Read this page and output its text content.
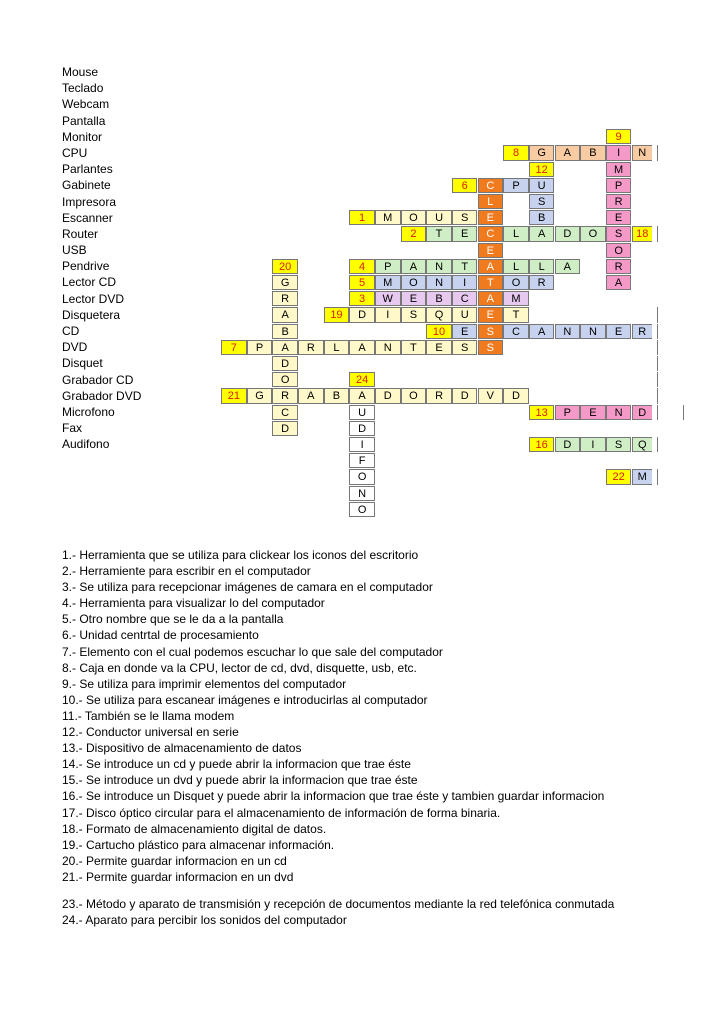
Mouse
Teclado
Webcam
Pantalla
Monitor
CPU
Parlantes
Gabinete
Impresora
Escanner
Router
USB
Pendrive
Lector CD
Lector DVD
Disquetera
CD
DVD
Disquet
Grabador CD
Grabador DVD
Microfono
Fax
Audifono
G
R
A
B
A
D
O
R
C
D
20
A
U
D
I
F
O
N
O
24
M	O	U	S	E
1
T	E	C	L	A	D	O
2
P	A	N	T	A	L	L	A
4
M	O	N	I	T	O	R
5
W	E	B	C	A	M
3
D	I	S	Q	U	E	T
19
E	S	C	A	N	N	E	R
10
P	R	L	A	N	T	E	S
7
G	A	B	D	O	R	D	V	D
21
C	P	U
6
G	A	B	I	N
8
S
B
12	M
P
R
E
S
O
R
A
9
18
P	E	N	D
13
D	I	S	Q
16
M
22
L
E
S
1.- Herramienta que se utiliza para clickear los iconos del escritorio
2.- Herramiente para escribir en el computador
3.- Se utiliza para recepcionar imágenes de camara en el computador
4.- Herramienta para visualizar lo del computador
5.- Otro nombre que se le da a la pantalla
6.- Unidad centrtal de procesamiento
7.- Elemento con el cual podemos escuchar lo que sale del computador
8.- Caja en donde va la CPU, lector de cd, dvd, disquette, usb, etc.
9.- Se utiliza para imprimir elementos del computador
10.- Se utiliza para escanear imágenes e introducirlas al computador
11.- También se le llama modem
12.- Conductor universal en serie
13.- Dispositivo de almacenamiento de datos
14.- Se introduce un cd y puede abrir la informacion que trae éste
15.- Se introduce un dvd y puede abrir la informacion que trae éste
16.- Se introduce un Disquet y puede abrir la informacion que trae éste y tambien guardar informacion
17.- Disco óptico circular para el almacenamiento de información de forma binaria.
18.- Formato de almacenamiento digital de datos.
19.- Cartucho plástico para almacenar información.
20.- Permite guardar informacion en un cd
21.- Permite guardar informacion en un dvd
23.- Método y aparato de transmisión y recepción de documentos mediante la red telefónica conmutada
24.- Aparato para percibir los sonidos del computador
